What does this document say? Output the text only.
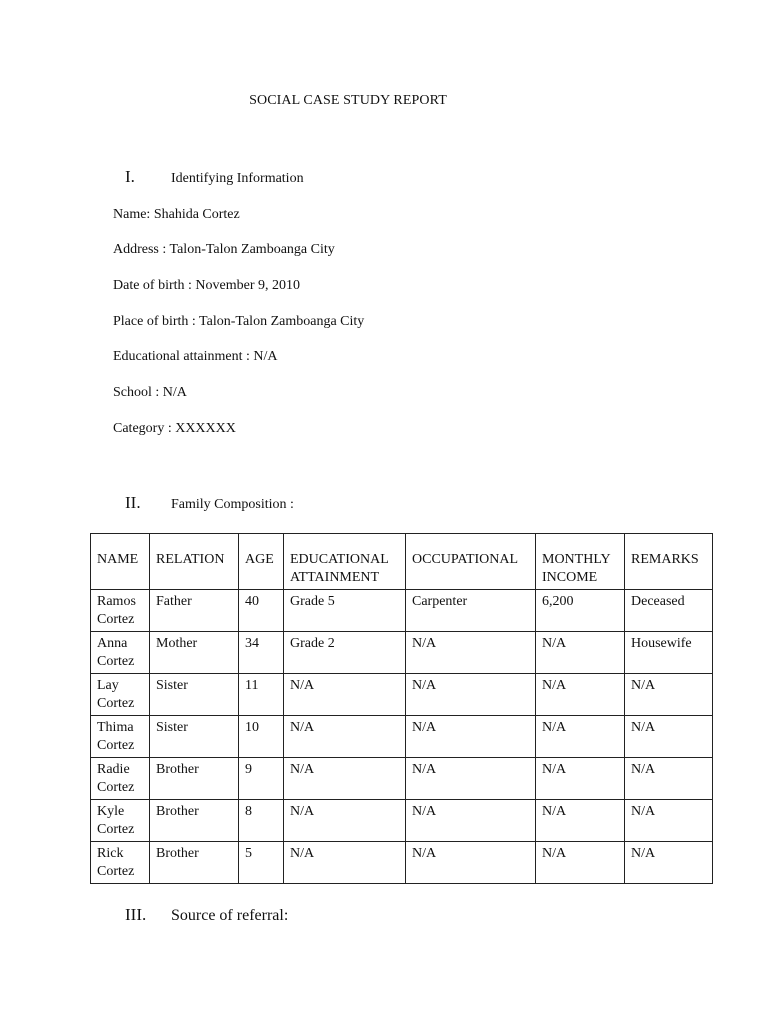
SOCIAL CASE STUDY REPORT
I.	Identifying Information
Name: Shahida Cortez
Address : Talon-Talon Zamboanga City
Date of birth : November 9, 2010
Place of birth : Talon-Talon Zamboanga City
Educational attainment : N/A
School : N/A
Category : XXXXXX
II. Family Composition :
NAME	RELATION	AGE	EDUCATIONAL ATTAINMENT	OCCUPATIONAL	MONTHLY INCOME	REMARKS
Ramos Cortez	Father	40	Grade 5	Carpenter	6,200	Deceased
Anna Cortez	Mother	34	Grade 2	N/A	N/A	Housewife
Lay Cortez	Sister	11	N/A	N/A	N/A	N/A
Thima Cortez	Sister	10	N/A	N/A	N/A	N/A
Radie Cortez	Brother	9	N/A	N/A	N/A	N/A
Kyle Cortez	Brother	8	N/A	N/A	N/A	N/A
Rick Cortez	Brother	5	N/A	N/A	N/A	N/A
III. Source of referral:
